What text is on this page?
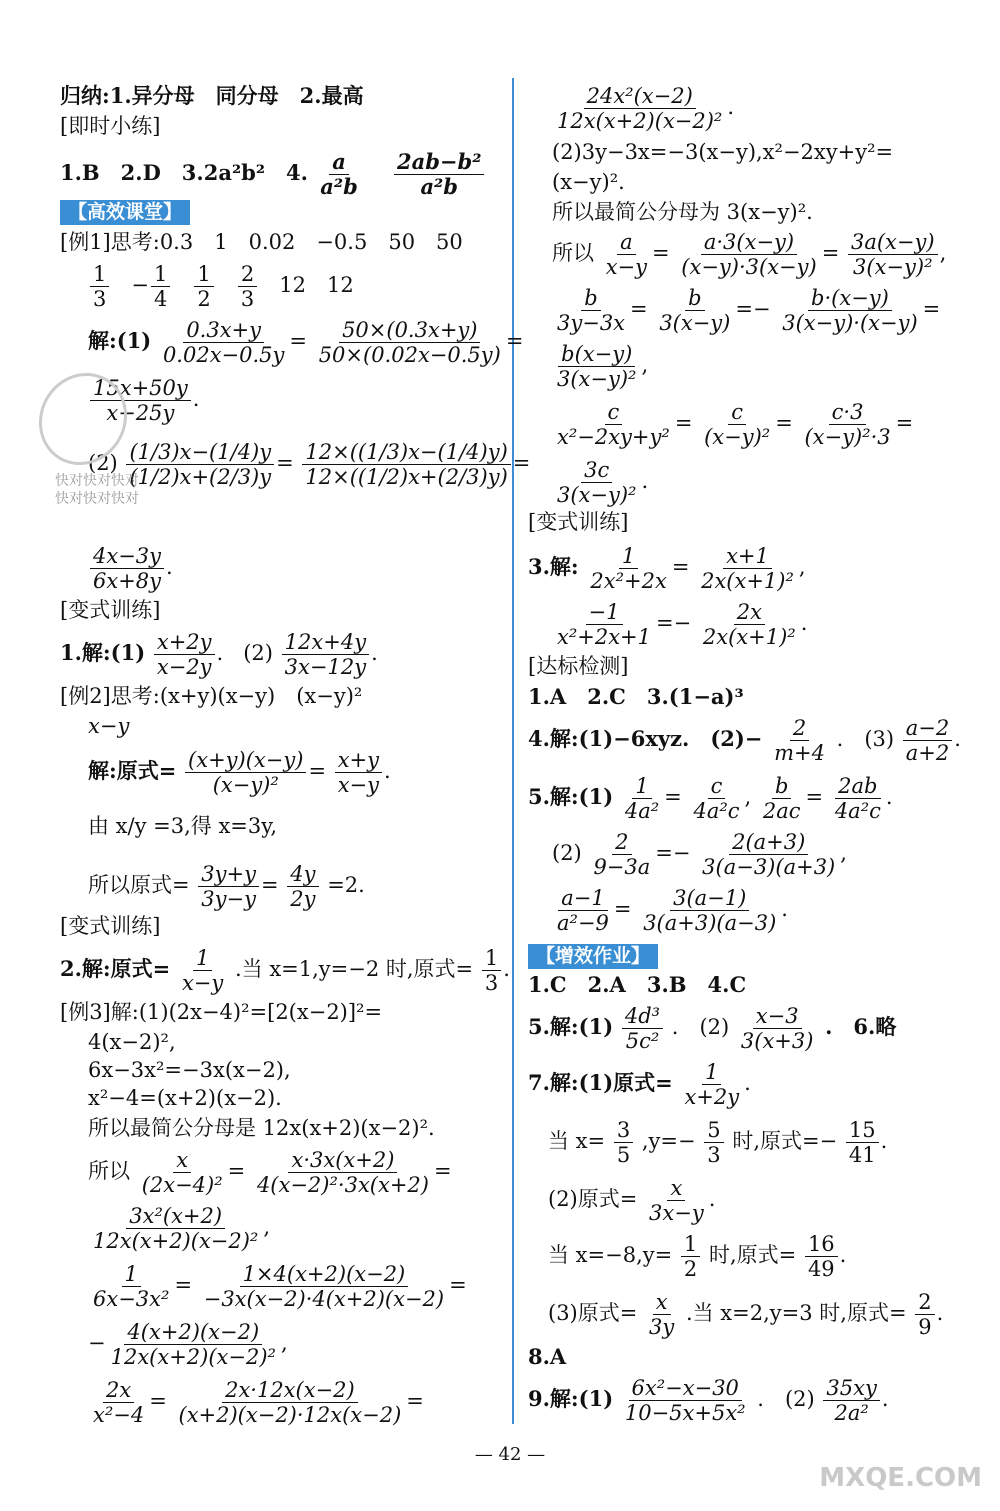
归纳:1.异分母　同分母　2.最高
[即时小练]
1.B　2.D　3.2a²b²　4. $\frac{a}{\text{a²b}}$
$\frac{\text{2ab−b²}}{\text{a²b}}$
【 高效课堂 】
[例1]思考:0.3　1　0.02　−0.5　50　50
$\frac{1}{3} - \frac{1}{4}$
$\frac{1}{2}$
$\frac{2}{3} 12$　12
解:(1) $\frac{0.3x+y}{0.02x-0.5y} = \frac{50\times(0.3x+y)}{50\times(0.02x-0.5y)}$ =
$\frac{15x+50y}{x-25y}$ .
$(2) \frac{(1/3)x-(1/4)y}{(1/2)x+(2/3)y} = \frac{12\times((1/3)x-(1/4)y)}{12\times((1/2)x+(2/3)y)}$ =
$\frac{4x-3y}{6x+8y}$ .
[变式训练]
1.解:(1) $\frac{x+2y}{x-2y}$ .   $(2) \frac{12x+4y}{3x-12y}$ .
[例2]思考:(x+y)(x−y)　(x−y)²
x−y
解:原式= $\frac{(x+y)(x-y)}{\text{(x−y)²}} = \frac{x+y}{x-y}$ .
由 x/y =3,得 x=3y,
所以原式= $\frac{3y+y}{3y-y} = \frac{4y}{2y} =2$.
[变式训练]
2.解:原式= $\frac{1}{x-y}$ .当 x=1,y=−2 时,原式= $\frac{1}{3}$ .
[例3]解:(1)(2x−4)²=[2(x−2)]²=
4(x−2)²,
6x−3x²=−3x(x−2),
x²−4=(x+2)(x−2).
所以最简公分母是 12x(x+2)(x−2)².
所以 $\frac{x}{\text{(2x−4)²}} = \frac{x\cdot 3x(x+2)}{\text{4(x−2)²·3x(x+2)}}$ =
$\frac{\text{3x²(x+2)}}{\text{12x(x+2)(x−2)²}}$ ,
$\frac{1}{\text{6x−3x²}} = \frac{1\times 4(x+2)(x-2)}{-3x(x-2)\cdot 4(x+2)(x-2)}$ =
− $\frac{4(x+2)(x-2)}{\text{12x(x+2)(x−2)²}}$ ,
$\frac{2x}{\text{x²−4}} = \frac{2x\cdot 12x(x-2)}{(x+2)(x-2)\cdot 12x(x-2)}$ =
$\frac{\text{24x²(x−2)}}{\text{12x(x+2)(x−2)²}}$ .
(2)3y−3x=−3(x−y),x²−2xy+y²=
(x−y)².
所以最简公分母为 3(x−y)².
所以 $\frac{a}{x-y} = \frac{a\cdot 3(x-y)}{(x-y)\cdot 3(x-y)} = \frac{3a(x-y)}{\text{3(x−y)²}}$ ,
$\frac{b}{3y-3x} = \frac{b}{3(x-y)} =- \frac{b\cdot(x-y)}{3(x-y)\cdot(x-y)}$ =
$\frac{b(x-y)}{\text{3(x−y)²}}$ ,
$\frac{c}{\text{x²−2xy+y²}} = \frac{c}{\text{(x−y)²}} = \frac{c\cdot 3}{\text{(x−y)²·3}}$ =
$\frac{3c}{\text{3(x−y)²}}$ .
[变式训练]
3.解: $\frac{1}{\text{2x²+2x}} = \frac{x+1}{\text{2x(x+1)²}}$ ,
$\frac{-1}{\text{x²+2x+1}} =- \frac{2x}{\text{2x(x+1)²}}$ .
[达标检测]
1.A　2.C　3.(1−a)³
4.解:(1)−6xyz.　$(2)- \frac{2}{m+4}$ .　$(3) \frac{a-2}{a+2}$ .
5.解:(1) $\frac{1}{\text{4a²}} = \frac{c}{\text{4a²c}}$ , $\frac{b}{2ac} = \frac{2ab}{\text{4a²c}}$ .
$(2) \frac{2}{9-3a} =- \frac{2(a+3)}{3(a-3)(a+3)}$ ,
$\frac{a-1}{\text{a²−9}} = \frac{3(a-1)}{3(a+3)(a-3)}$ .
【 增效作业 】
1.C　2.A　3.B　4.C
5.解:(1) $\frac{\text{4d³}}{\text{5c²}}$ .　$(2) \frac{x-3}{3(x+3)}$ .　6.略
7.解:(1)原式= $\frac{1}{x+2y}$ .
当 $x= \frac{3}{5} ,y=- \frac{5}{3}$ 时,原式=− $\frac{15}{41}$ .
(2)原式= $\frac{x}{3x-y}$ .
当 $x=-8,y= \frac{1}{2}$ 时,原式= $\frac{16}{49}$ .
(3)原式= $\frac{x}{3y}$ .当 x=2,y=3 时,原式= $\frac{2}{9}$ .
8.A
9.解:(1) $\frac{\text{6x²−x−30}}{\text{10−5x+5x²}}$ .　$(2) \frac{35xy}{\text{2a²}}$ .
— 42 —
快对快对快对
快对快对快对
MXQE.COM
